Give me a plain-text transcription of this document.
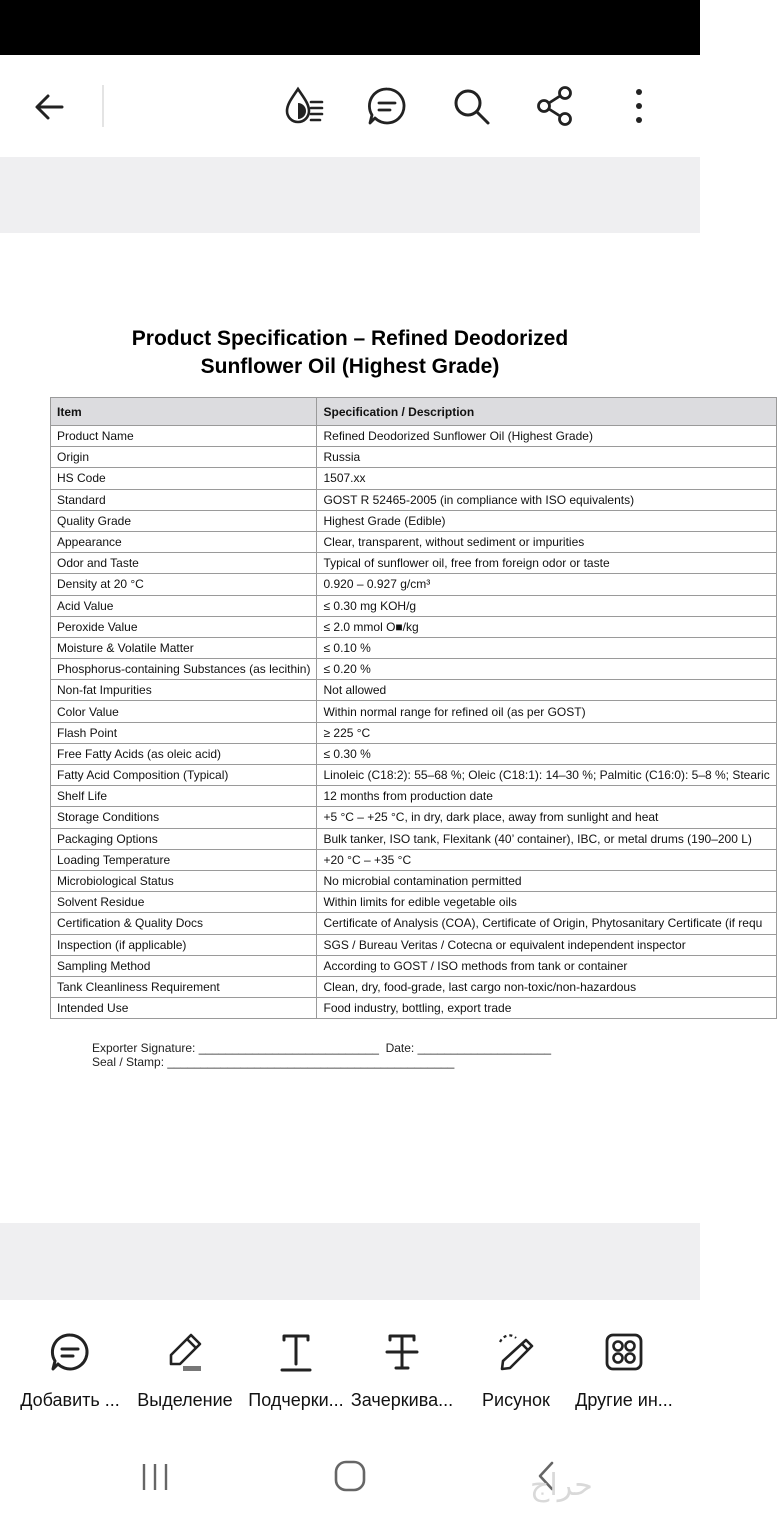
Product Specification – Refined Deodorized
Sunflower Oil (Highest Grade)
Item	Specification / Description
Product Name	Refined Deodorized Sunflower Oil (Highest Grade)
Origin	Russia
HS Code	1507.xx
Standard	GOST R 52465-2005 (in compliance with ISO equivalents)
Quality Grade	Highest Grade (Edible)
Appearance	Clear, transparent, without sediment or impurities
Odor and Taste	Typical of sunflower oil, free from foreign odor or taste
Density at 20 °C	0.920 – 0.927 g/cm³
Acid Value	≤ 0.30 mg KOH/g
Peroxide Value	≤ 2.0 mmol O■/kg
Moisture & Volatile Matter	≤ 0.10 %
Phosphorus-containing Substances (as lecithin)	≤ 0.20 %
Non-fat Impurities	Not allowed
Color Value	Within normal range for refined oil (as per GOST)
Flash Point	≥ 225 °C
Free Fatty Acids (as oleic acid)	≤ 0.30 %
Fatty Acid Composition (Typical)	Linoleic (C18:2): 55–68 %; Oleic (C18:1): 14–30 %; Palmitic (C16:0): 5–8 %; Stearic
Shelf Life	12 months from production date
Storage Conditions	+5 °C – +25 °C, in dry, dark place, away from sunlight and heat
Packaging Options	Bulk tanker, ISO tank, Flexitank (40’ container), IBC, or metal drums (190–200 L)
Loading Temperature	+20 °C – +35 °C
Microbiological Status	No microbial contamination permitted
Solvent Residue	Within limits for edible vegetable oils
Certification & Quality Docs	Certificate of Analysis (COA), Certificate of Origin, Phytosanitary Certificate (if requ
Inspection (if applicable)	SGS / Bureau Veritas / Cotecna or equivalent independent inspector
Sampling Method	According to GOST / ISO methods from tank or container
Tank Cleanliness Requirement	Clean, dry, food-grade, last cargo non-toxic/non-hazardous
Intended Use	Food industry, bottling, export trade
Exporter Signature: ___________________________  Date: ____________________
Seal / Stamp: ___________________________________________
Добавить ... Выделение Подчерки... Зачеркива...	Рисунок	Другие ин...
حراج
